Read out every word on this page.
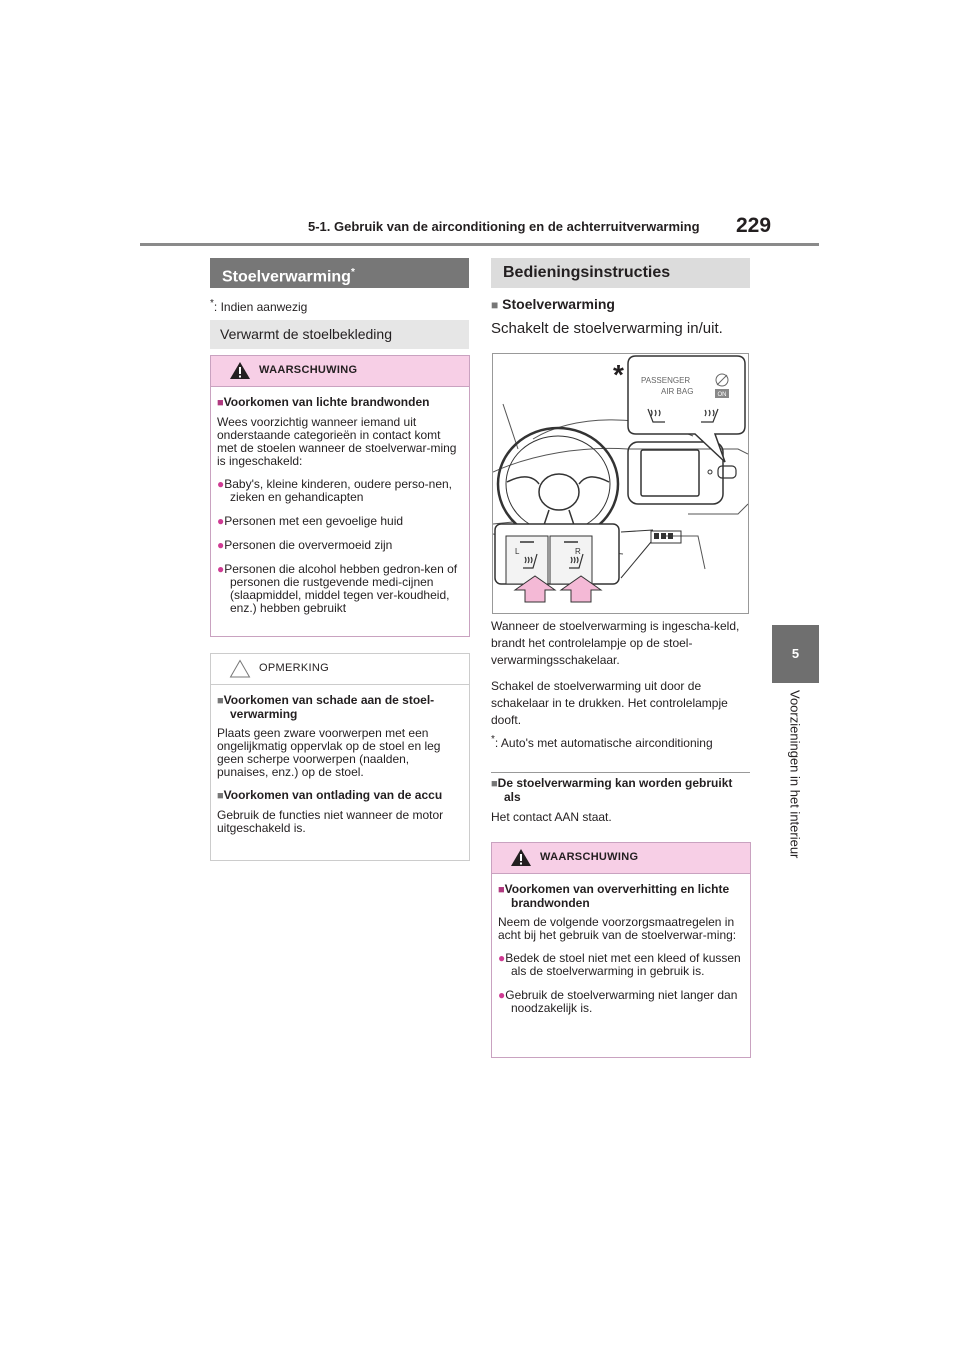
5-1. Gebruik van de airconditioning en de achterruitverwarming 229
5
Voorzieningen in het interieur
Stoelverwarming*
*: Indien aanwezig
Verwarmt de stoelbekleding
WAARSCHUWING
■Voorkomen van lichte brandwonden

Wees voorzichtig wanneer iemand uit onderstaande categorieën in contact komt met de stoelen wanneer de stoelverwar-ming is ingeschakeld:

●Baby's, kleine kinderen, oudere perso-nen, zieken en gehandicapten
●Personen met een gevoelige huid
●Personen die oververmoeid zijn
●Personen die alcohol hebben gedron-ken of personen die rustgevende medi-cijnen (slaapmiddel, middel tegen ver-koudheid, enz.) hebben gebruikt
OPMERKING
■Voorkomen van schade aan de stoel-verwarming

Plaats geen zware voorwerpen met een ongelijkmatig oppervlak op de stoel en leg geen scherpe voorwerpen (naalden, punaises, enz.) op de stoel.

■Voorkomen van ontlading van de accu

Gebruik de functies niet wanneer de motor uitgeschakeld is.

Bedieningsinstructies
■ Stoelverwarming
Schakelt de stoelverwarming in/uit.
PASSENGER
AIR BAG	ON
*
L	R
Wanneer de stoelverwarming is ingescha-keld, brandt het controlelampje op de stoel-verwarmingsschakelaar.
Schakel de stoelverwarming uit door de schakelaar in te drukken. Het controlelampje dooft.
*: Auto's met automatische airconditioning
■De stoelverwarming kan worden gebruikt als
Het contact AAN staat.
WAARSCHUWING
■Voorkomen van oververhitting en lichte brandwonden

Neem de volgende voorzorgsmaatregelen in acht bij het gebruik van de stoelverwar-ming:

●Bedek de stoel niet met een kleed of kussen als de stoelverwarming in gebruik is.
●Gebruik de stoelverwarming niet langer dan noodzakelijk is.
